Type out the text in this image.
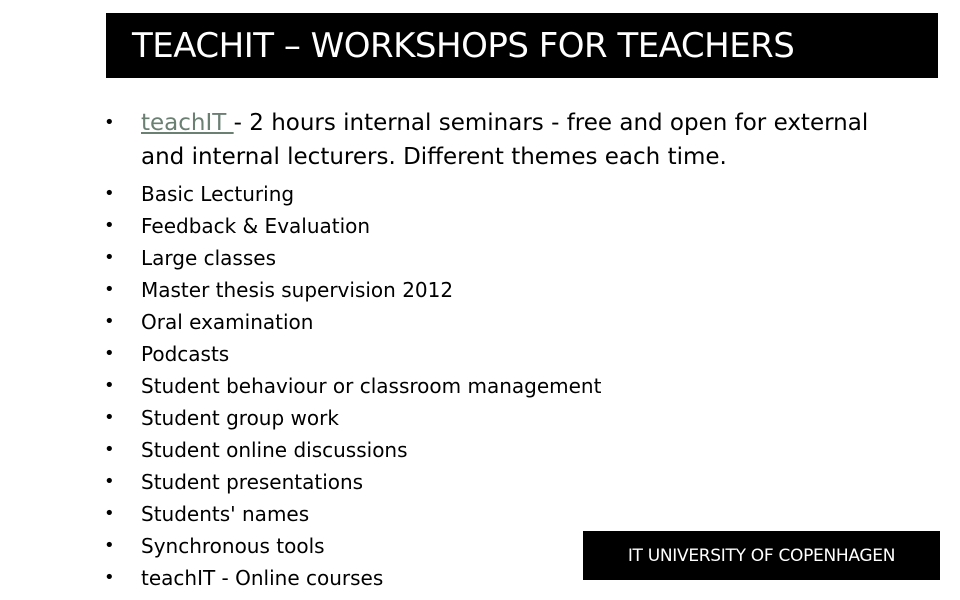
TEACHIT – WORKSHOPS FOR TEACHERS
• teachIT - 2 hours internal seminars - free and open for external and internal lecturers. Different themes each time.
• Basic Lecturing
• Feedback & Evaluation
• Large classes
• Master thesis supervision 2012
• Oral examination
• Podcasts
• Student behaviour or classroom management
• Student group work
• Student online discussions
• Student presentations
• Students' names
• Synchronous tools
• teachIT - Online courses
IT UNIVERSITY OF COPENHAGEN
